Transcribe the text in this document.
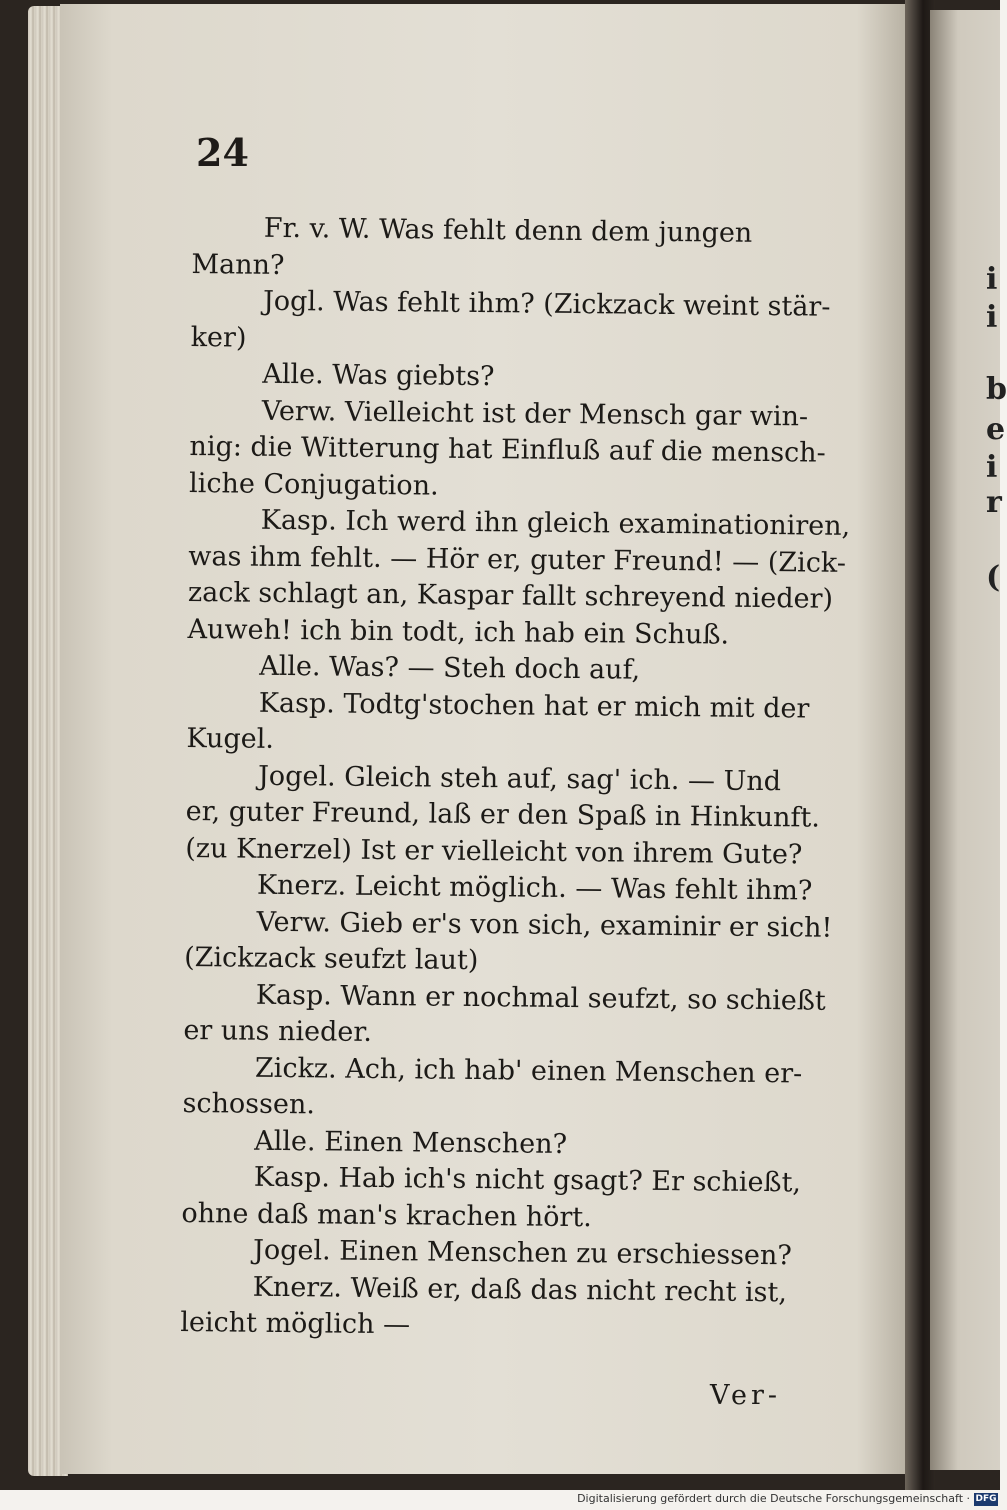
i
i
b
e
i
r
(
24
Fr. v. W. Was fehlt denn dem jungen
Mann?
Jogl. Was fehlt ihm? (Zickzack weint stär-
ker)
Alle. Was giebts?
Verw. Vielleicht ist der Mensch gar win-
nig: die Witterung hat Einfluß auf die mensch-
liche Conjugation.
Kasp. Ich werd ihn gleich examinationiren,
was ihm fehlt. — Hör er, guter Freund! — (Zick-
zack schlagt an, Kaspar fallt schreyend nieder)
Auweh! ich bin todt, ich hab ein Schuß.
Alle. Was? — Steh doch auf,
Kasp. Todtg'stochen hat er mich mit der
Kugel.
Jogel. Gleich steh auf, sag' ich. — Und
er, guter Freund, laß er den Spaß in Hinkunft.
(zu Knerzel) Ist er vielleicht von ihrem Gute?
Knerz. Leicht möglich. — Was fehlt ihm?
Verw. Gieb er's von sich, examinir er sich!
(Zickzack seufzt laut)
Kasp. Wann er nochmal seufzt, so schießt
er uns nieder.
Zickz. Ach, ich hab' einen Menschen er-
schossen.
Alle. Einen Menschen?
Kasp. Hab ich's nicht gsagt? Er schießt,
ohne daß man's krachen hört.
Jogel. Einen Menschen zu erschiessen?
Knerz. Weiß er, daß das nicht recht ist,
leicht möglich —
Ver-
Digitalisierung gefördert durch die Deutsche Forschungsgemeinschaft · DFG
